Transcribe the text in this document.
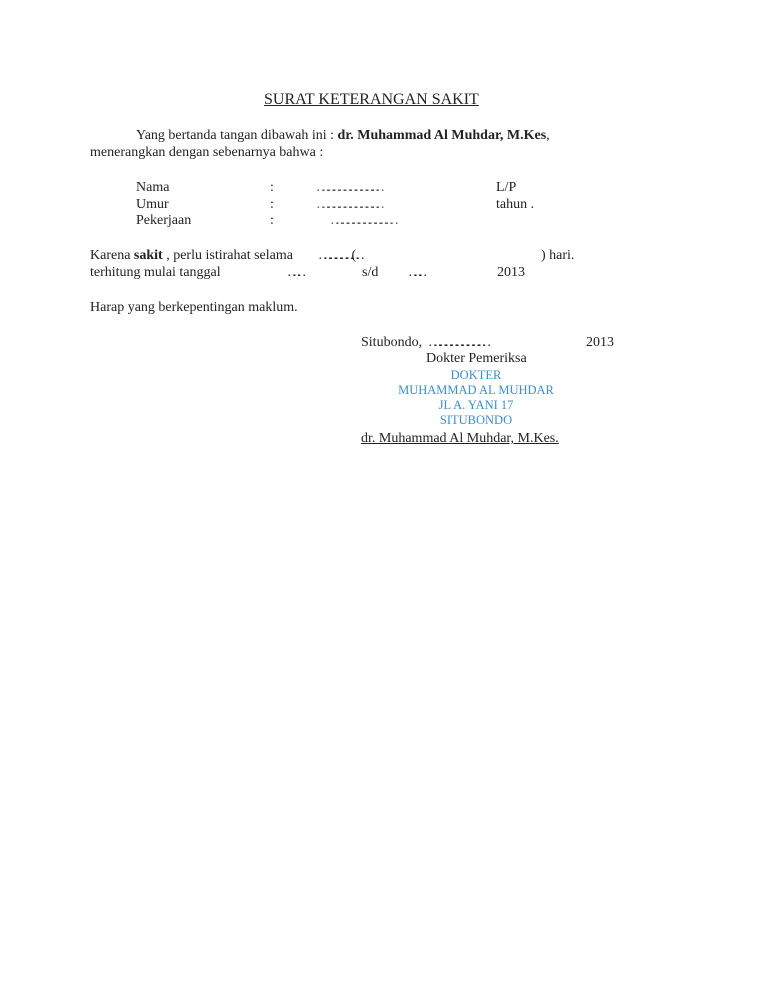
SURAT KETERANGAN SAKIT
Yang bertanda tangan dibawah ini : dr. Muhammad Al Muhdar, M.Kes,
menerangkan dengan sebenarnya bahwa :
Nama	:	……………………………..	L/P
Umur	:	……………………………..	tahun .
Pekerjaan	:	……………………………
Karena sakit , perlu istirahat selama ………………… (	) hari.
terhitung mulai tanggal	……	s/d ……..	2013
Harap yang berkepentingan maklum.
Situbondo, …………………………	2013
Dokter Pemeriksa
DOKTER
MUHAMMAD AL MUHDAR
JL A. YANI 17
SITUBONDO
dr. Muhammad Al Muhdar, M.Kes.
